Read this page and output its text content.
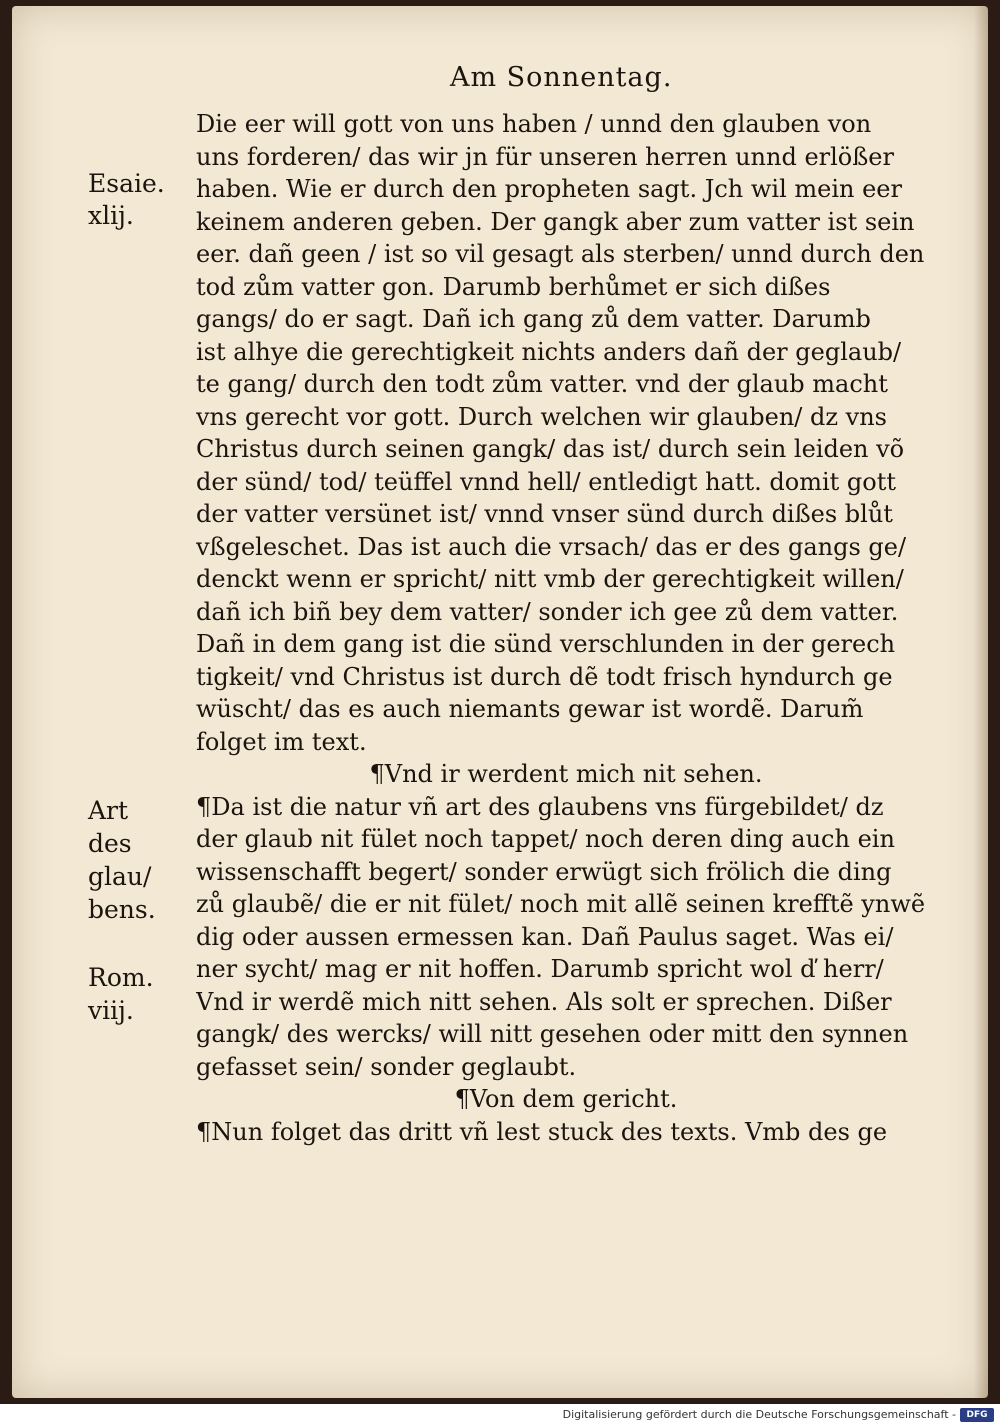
Am Sonnentag.
Esaie.
xlij.
Art
des
glau/
bens.
Rom.
viij.
Die eer will gott von uns haben / unnd den glauben von
uns forderen/ das wir jn für unseren herren unnd erlößer
haben. Wie er durch den propheten sagt. Jch wil mein eer
keinem anderen geben. Der gangk aber zum vatter ist sein
eer. dañ geen / ist so vil gesagt als sterben/ unnd durch den
tod zům vatter gon. Darumb berhůmet er sich dißes
gangs/ do er sagt. Dañ ich gang zů dem vatter. Darumb
ist alhye die gerechtigkeit nichts anders dañ der geglaub/
te gang/ durch den todt zům vatter. vnd der glaub macht
vns gerecht vor gott. Durch welchen wir glauben/ dz vns
Christus durch seinen gangk/ das ist/ durch sein leiden võ
der sünd/ tod/ teüffel vnnd hell/ entledigt hatt. domit gott
der vatter versünet ist/ vnnd vnser sünd durch dißes blůt
vßgeleschet. Das ist auch die vrsach/ das er des gangs ge/
denckt wenn er spricht/ nitt vmb der gerechtigkeit willen/
dañ ich biñ bey dem vatter/ sonder ich gee zů dem vatter.
Dañ in dem gang ist die sünd verschlunden in der gerech
tigkeit/ vnd Christus ist durch dẽ todt frisch hyndurch ge
wüscht/ das es auch niemants gewar ist wordẽ. Darum̃
folget im text.
¶Vnd ir werdent mich nit sehen.
¶Da ist die natur vñ art des glaubens vns fürgebildet/ dz
der glaub nit fület noch tappet/ noch deren ding auch ein
wissenschafft begert/ sonder erwügt sich frölich die ding
zů glaubẽ/ die er nit fület/ noch mit allẽ seinen krefftẽ ynwẽ
dig oder aussen ermessen kan. Dañ Paulus saget. Was ei/
ner sycht/ mag er nit hoffen. Darumb spricht wol ď herr/
Vnd ir werdẽ mich nitt sehen. Als solt er sprechen. Dißer
gangk/ des wercks/ will nitt gesehen oder mitt den synnen
gefasset sein/ sonder geglaubt.
¶Von dem gericht.
¶Nun folget das dritt vñ lest stuck des texts. Vmb des ge
Digitalisierung gefördert durch die Deutsche Forschungsgemeinschaft -	DFG
